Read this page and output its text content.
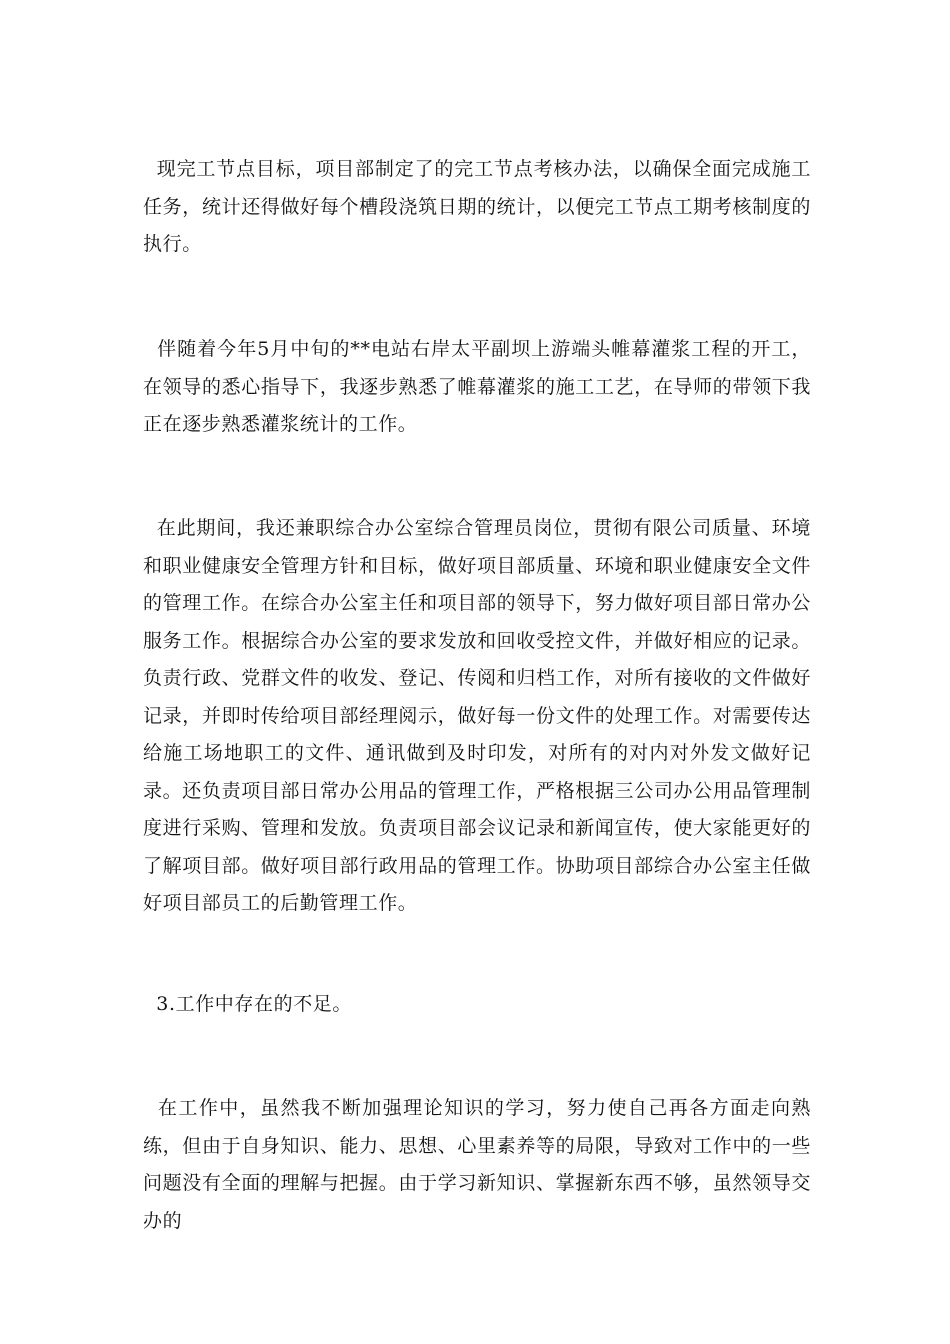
现完工节点目标，项目部制定了的完工节点考核办法，以确保全面完成施工任务，统计还得做好每个槽段浇筑日期的统计，以便完工节点工期考核制度的执行。

伴随着今年5月中旬的**电站右岸太平副坝上游端头帷幕灌浆工程的开工，在领导的悉心指导下，我逐步熟悉了帷幕灌浆的施工工艺，在导师的带领下我正在逐步熟悉灌浆统计的工作。

在此期间，我还兼职综合办公室综合管理员岗位，贯彻有限公司质量、环境和职业健康安全管理方针和目标，做好项目部质量、环境和职业健康安全文件的管理工作。在综合办公室主任和项目部的领导下，努力做好项目部日常办公服务工作。根据综合办公室的要求发放和回收受控文件，并做好相应的记录。负责行政、党群文件的收发、登记、传阅和归档工作，对所有接收的文件做好记录，并即时传给项目部经理阅示，做好每一份文件的处理工作。对需要传达给施工场地职工的文件、通讯做到及时印发，对所有的对内对外发文做好记录。还负责项目部日常办公用品的管理工作，严格根据三公司办公用品管理制度进行采购、管理和发放。负责项目部会议记录和新闻宣传，使大家能更好的了解项目部。做好项目部行政用品的管理工作。协助项目部综合办公室主任做好项目部员工的后勤管理工作。

3.工作中存在的不足。

在工作中，虽然我不断加强理论知识的学习，努力使自己再各方面走向熟练，但由于自身知识、能力、思想、心里素养等的局限，导致对工作中的一些问题没有全面的理解与把握。由于学习新知识、掌握新东西不够，虽然领导交办的
